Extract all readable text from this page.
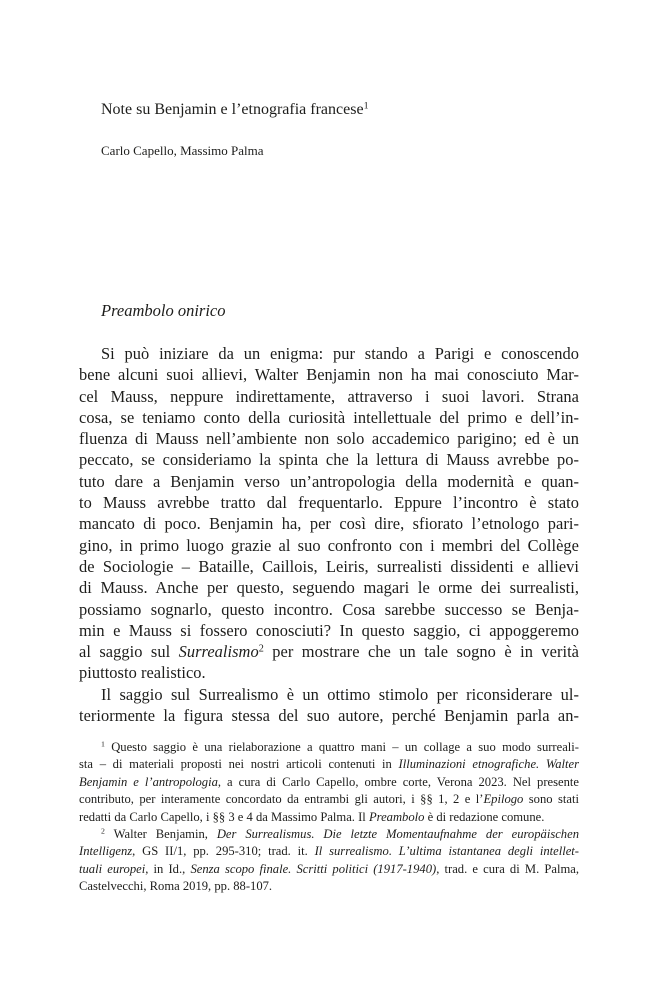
Note su Benjamin e l’etnografia francese$^1$
Carlo Capello, Massimo Palma
Preambolo onirico
Si può iniziare da un enigma: pur stando a Parigi e conoscendo
bene alcuni suoi allievi, Walter Benjamin non ha mai conosciuto Mar-
cel Mauss, neppure indirettamente, attraverso i suoi lavori. Strana
cosa, se teniamo conto della curiosità intellettuale del primo e dell’in-
fluenza di Mauss nell’ambiente non solo accademico parigino; ed è un
peccato, se consideriamo la spinta che la lettura di Mauss avrebbe po-
tuto dare a Benjamin verso un’antropologia della modernità e quan-
to Mauss avrebbe tratto dal frequentarlo. Eppure l’incontro è stato
mancato di poco. Benjamin ha, per così dire, sfiorato l’etnologo pari-
gino, in primo luogo grazie al suo confronto con i membri del Collège
de Sociologie – Bataille, Caillois, Leiris, surrealisti dissidenti e allievi
di Mauss. Anche per questo, seguendo magari le orme dei surrealisti,
possiamo sognarlo, questo incontro. Cosa sarebbe successo se Benja-
min e Mauss si fossero conosciuti? In questo saggio, ci appoggeremo
al saggio sul Surrealismo$^2$ per mostrare che un tale sogno è in verità
piuttosto realistico.
Il saggio sul Surrealismo è un ottimo stimolo per riconsiderare ul-
teriormente la figura stessa del suo autore, perché Benjamin parla an-
$^1$ Questo saggio è una rielaborazione a quattro mani – un collage a suo modo surreali-
sta – di materiali proposti nei nostri articoli contenuti in Illuminazioni etnografiche. Walter
Benjamin e l’antropologia, a cura di Carlo Capello, ombre corte, Verona 2023. Nel presente
contributo, per interamente concordato da entrambi gli autori, i §§ 1, 2 e l’Epilogo sono stati
redatti da Carlo Capello, i §§ 3 e 4 da Massimo Palma. Il Preambolo è di redazione comune.
$^2$ Walter Benjamin, Der Surrealismus. Die letzte Momentaufnahme der europäischen
Intelligenz, GS II/1, pp. 295-310; trad. it. Il surrealismo. L’ultima istantanea degli intellet-
tuali europei, in Id., Senza scopo finale. Scritti politici (1917-1940), trad. e cura di M. Palma,
Castelvecchi, Roma 2019, pp. 88-107.
